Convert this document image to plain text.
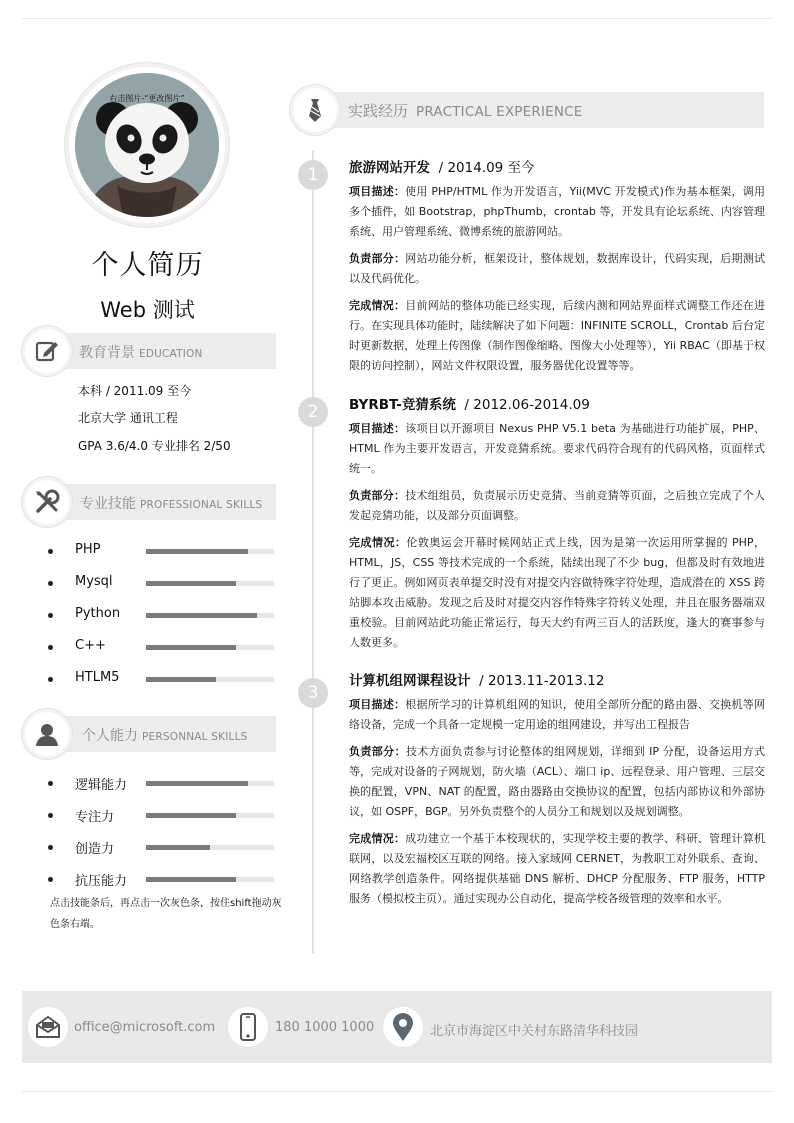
右击图片-“更改图片”
个人简历
Web 测试
教育背景 EDUCATION
本科 / 2011.09 至今
北京大学 通讯工程
GPA 3.6/4.0 专业排名 2/50
专业技能 PROFESSIONAL SKILLS
PHP
Mysql
Python
C++
HTLM5
个人能力 PERSONNAL SKILLS
逻辑能力
专注力
创造力
抗压能力
点击技能条后，再点击一次灰色条，按住shift拖动灰色条右端。
实践经历 PRACTICAL EXPERIENCE
1	旅游网站开发  / 2014.09 至今
项目描述：使用 PHP/HTML 作为开发语言，Yii(MVC 开发模式)作为基本框架，调用多个插件，如 Bootstrap，phpThumb，crontab 等，开发具有论坛系统、内容管理系统、用户管理系统、微博系统的旅游网站。
负责部分：网站功能分析，框架设计，整体规划，数据库设计，代码实现，后期测试以及代码优化。
完成情况：目前网站的整体功能已经实现，后续内测和网站界面样式调整工作还在进行。在实现具体功能时，陆续解决了如下问题：INFINITE SCROLL，Crontab 后台定时更新数据，处理上传图像（制作图像缩略、图像大小处理等），Yii RBAC（即基于权限的访问控制），网站文件权限设置，服务器优化设置等等。
2	BYRBT-竞猜系统  / 2012.06-2014.09
项目描述：该项目以开源项目 Nexus PHP V5.1 beta 为基础进行功能扩展，PHP、HTML 作为主要开发语言，开发竞猜系统。要求代码符合现有的代码风格，页面样式统一。
负责部分：技术组组员，负责展示历史竞猜、当前竞猜等页面，之后独立完成了个人发起竞猜功能，以及部分页面调整。
完成情况：伦敦奥运会开幕时候网站正式上线，因为是第一次运用所掌握的 PHP，HTML，JS，CSS 等技术完成的一个系统，陆续出现了不少 bug，但都及时有效地进行了更正。例如网页表单提交时没有对提交内容做特殊字符处理，造成潜在的 XSS 跨站脚本攻击威胁。发现之后及时对提交内容作特殊字符转义处理，并且在服务器端双重校验。目前网站此功能正常运行，每天大约有两三百人的活跃度，逢大的赛事参与人数更多。
3
计算机组网课程设计  / 2013.11-2013.12
项目描述：根据所学习的计算机组网的知识，使用全部所分配的路由器、交换机等网络设备，完成一个具备一定规模一定用途的组网建设，并写出工程报告
负责部分：技术方面负责参与讨论整体的组网规划，详细到 IP 分配，设备运用方式等，完成对设备的子网规划，防火墙（ACL）、端口 ip、远程登录、用户管理、三层交换的配置，VPN、NAT 的配置，路由器路由交换协议的配置，包括内部协议和外部协议，如 OSPF，BGP。另外负责整个的人员分工和规划以及规划调整。
完成情况：成功建立一个基于本校现状的，实现学校主要的教学、科研、管理计算机联网，以及宏福校区互联的网络。接入家域网 CERNET，为教职工对外联系、查询、网络教学创造条件。网络提供基础 DNS 解析、DHCP 分配服务、FTP 服务，HTTP 服务（模拟校主页）。通过实现办公自动化，提高学校各级管理的效率和水平。
office@microsoft.com	180 1000 1000	北京市海淀区中关村东路清华科技园
